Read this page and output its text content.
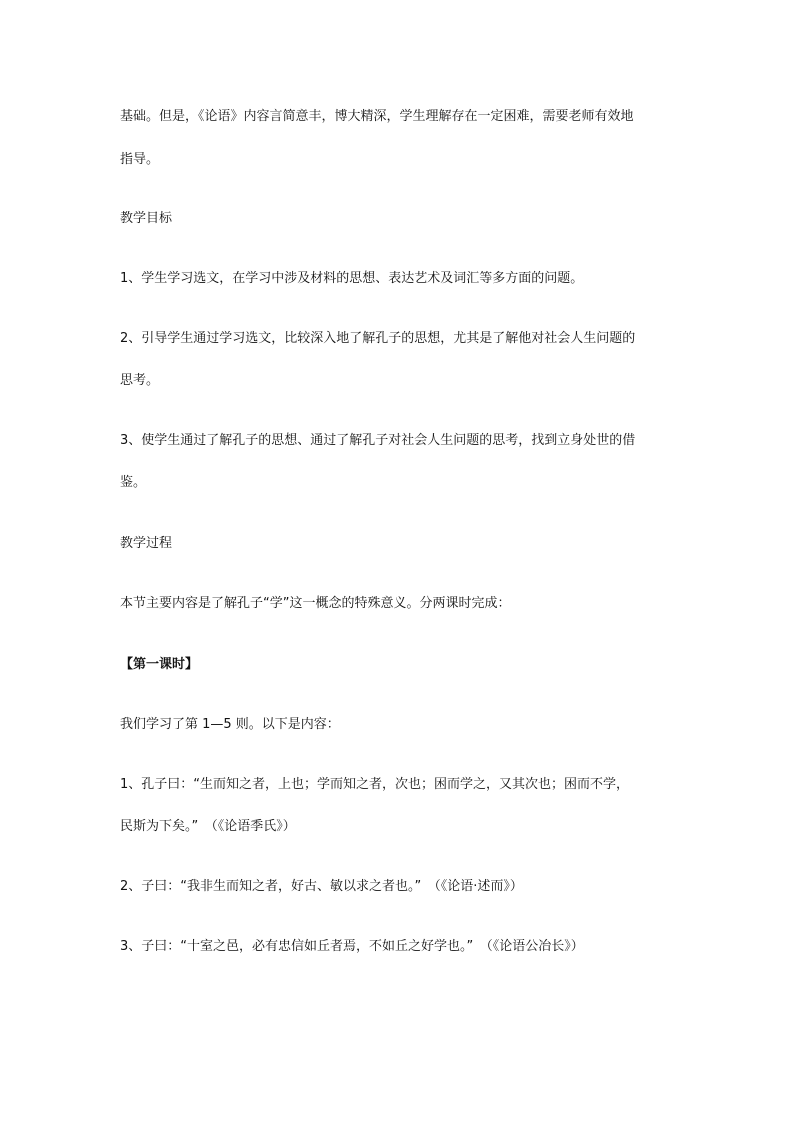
基础。但是，《论语》内容言简意丰，博大精深，学生理解存在一定困难，需要老师有效地
指导。
教学目标
1、学生学习选文，在学习中涉及材料的思想、表达艺术及词汇等多方面的问题。
2、引导学生通过学习选文，比较深入地了解孔子的思想，尤其是了解他对社会人生问题的
思考。
3、使学生通过了解孔子的思想、通过了解孔子对社会人生问题的思考，找到立身处世的借
鉴。
教学过程
本节主要内容是了解孔子“学”这一概念的特殊意义。分两课时完成：
【第一课时】
我们学习了第 1—5 则。以下是内容：
1、孔子曰：“生而知之者，上也；学而知之者，次也；困而学之，又其次也；困而不学，
民斯为下矣。”　（《论语季氏》）
2、子曰：“我非生而知之者，好古、敏以求之者也。”　（《论语·述而》）
3、子曰：“十室之邑，必有忠信如丘者焉，不如丘之好学也。”　（《论语公冶长》）
